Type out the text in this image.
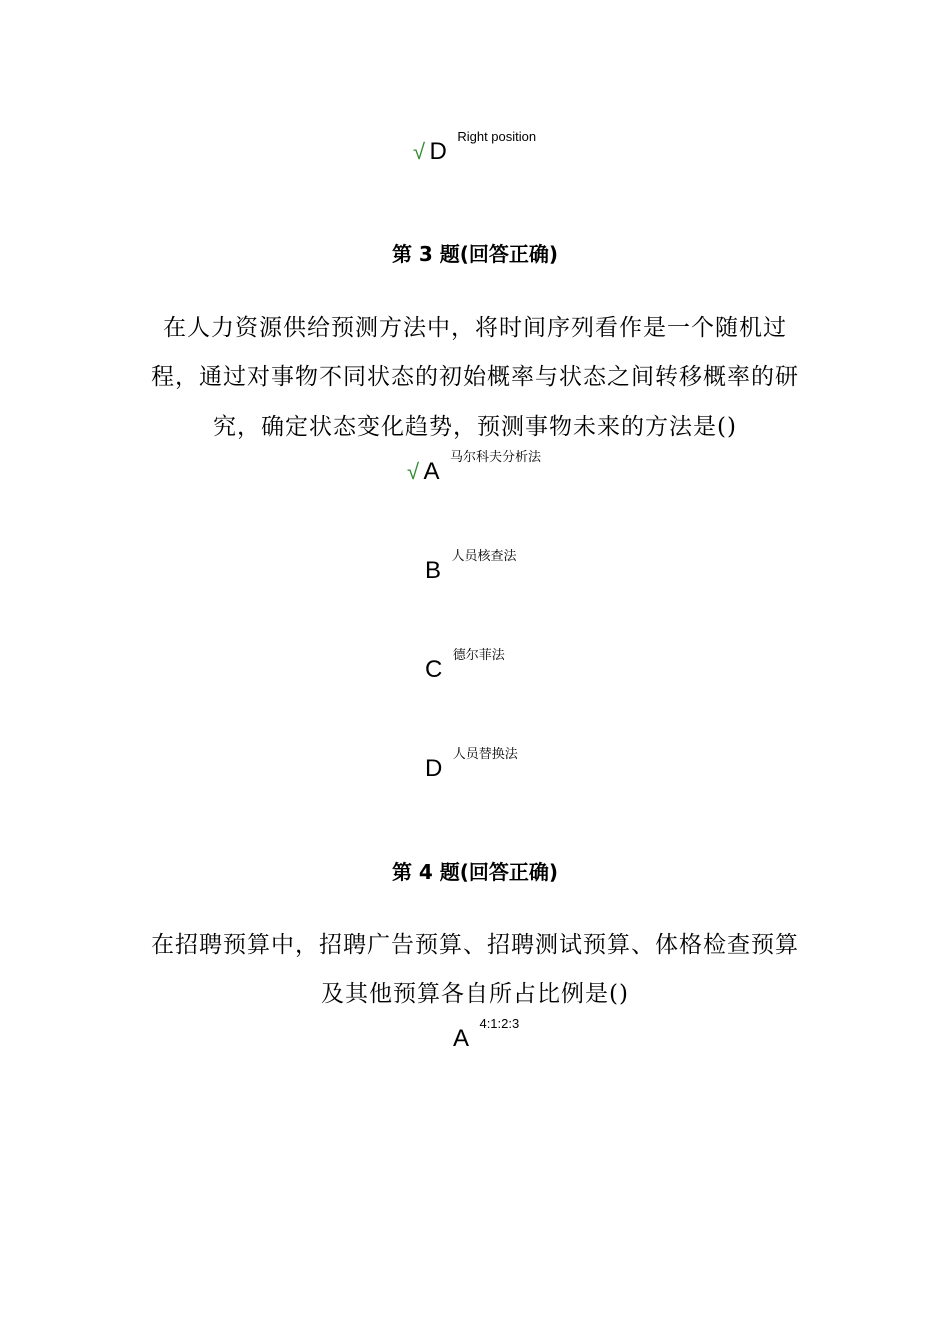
√ D $^{Right position}$
第 3 题(回答正确)
在人力资源供给预测方法中，将时间序列看作是一个随机过
程，通过对事物不同状态的初始概率与状态之间转移概率的研
究，确定状态变化趋势，预测事物未来的方法是()
√ A $^{马尔科夫分析法}$
B $^{人员核查法}$
C $^{德尔菲法}$
D $^{人员替换法}$
第 4 题(回答正确)
在招聘预算中，招聘广告预算、招聘测试预算、体格检查预算
及其他预算各自所占比例是()
A $^{4:1:2:3}$
